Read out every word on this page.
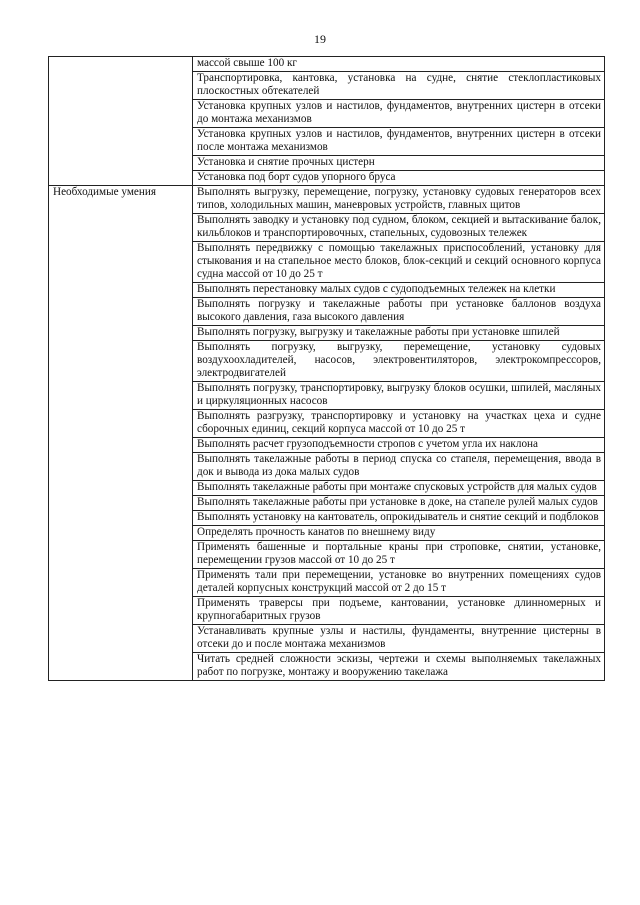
19
	массой свыше 100 кг
	Транспортировка, кантовка, установка на судне, снятие стеклопластиковых плоскостных обтекателей
	Установка крупных узлов и настилов, фундаментов, внутренних цистерн в отсеки до монтажа механизмов
	Установка крупных узлов и настилов, фундаментов, внутренних цистерн в отсеки после монтажа механизмов
	Установка и снятие прочных цистерн
	Установка под борт судов упорного бруса
Необходимые умения	Выполнять выгрузку, перемещение, погрузку, установку судовых генераторов всех типов, холодильных машин, маневровых устройств, главных щитов
	Выполнять заводку и установку под судном, блоком, секцией и вытаскивание балок, кильблоков и транспортировочных, стапельных, судовозных тележек
	Выполнять передвижку с помощью такелажных приспособлений, установку для стыкования и на стапельное место блоков, блок-секций и секций основного корпуса судна массой от 10 до 25 т
	Выполнять перестановку малых судов с судоподъемных тележек на клетки
	Выполнять погрузку и такелажные работы при установке баллонов воздуха высокого давления, газа высокого давления
	Выполнять погрузку, выгрузку и такелажные работы при установке шпилей
	Выполнять погрузку, выгрузку, перемещение, установку судовых воздухоохладителей, насосов, электровентиляторов, электрокомпрессоров, электродвигателей
	Выполнять погрузку, транспортировку, выгрузку блоков осушки, шпилей, масляных и циркуляционных насосов
	Выполнять разгрузку, транспортировку и установку на участках цеха и судне сборочных единиц, секций корпуса массой от 10 до 25 т
	Выполнять расчет грузоподъемности стропов с учетом угла их наклона
	Выполнять такелажные работы в период спуска со стапеля, перемещения, ввода в док и вывода из дока малых судов
	Выполнять такелажные работы при монтаже спусковых устройств для малых судов
	Выполнять такелажные работы при установке в доке, на стапеле рулей малых судов
	Выполнять установку на кантователь, опрокидыватель и снятие секций и подблоков
	Определять прочность канатов по внешнему виду
	Применять башенные и портальные краны при строповке, снятии, установке, перемещении грузов массой от 10 до 25 т
	Применять тали при перемещении, установке во внутренних помещениях судов деталей корпусных конструкций массой от 2 до 15 т
	Применять траверсы при подъеме, кантовании, установке длинномерных и крупногабаритных грузов
	Устанавливать крупные узлы и настилы, фундаменты, внутренние цистерны в отсеки до и после монтажа механизмов
	Читать средней сложности эскизы, чертежи и схемы выполняемых такелажных работ по погрузке, монтажу и вооружению такелажа
